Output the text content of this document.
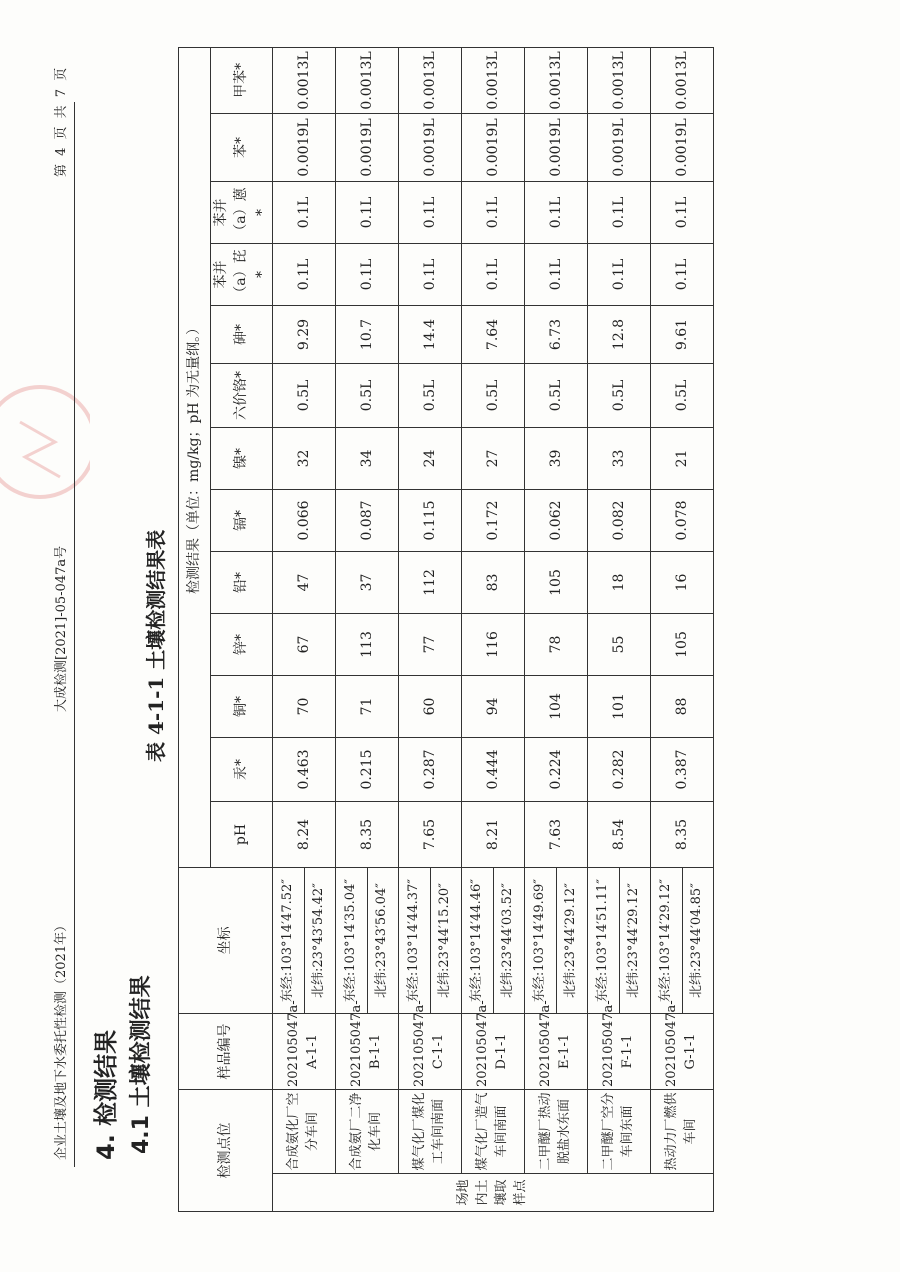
企业土壤及地下水委托性检测（2021年）
大成检测[2021]-05-047a号
第 4 页 共 7 页
4. 检测结果 4.1 土壤检测结果
表 4-1-1 土壤检测结果表
检测点位		样品编号	坐标	检测结果（单位：mg/kg；pH 为无量纲。）												
				pH	汞*	铜*	锌*	铅*	镉*	镍*	六价铬*	砷*	苯并（a）芘*	苯并（a）蒽*	苯*	甲苯*
场地内土壤取样点	合成氨化厂空分车间	202105047a-A-1-1	东经:103°14′47.52″	8.24	0.463	70	67	47	0.066	32	0.5L	9.29	0.1L	0.1L	0.0019L	0.0013L
			北纬:23°43′54.42″													
	合成氨厂二净化车间	202105047a-B-1-1	东经:103°14′35.04″	8.35	0.215	71	113	37	0.087	34	0.5L	10.7	0.1L	0.1L	0.0019L	0.0013L
			北纬:23°43′56.04″													
	煤气化厂煤化工车间南面	202105047a-C-1-1	东经:103°14′44.37″	7.65	0.287	60	77	112	0.115	24	0.5L	14.4	0.1L	0.1L	0.0019L	0.0013L
			北纬:23°44′15.20″													
	煤气化厂造气车间南面	202105047a-D-1-1	东经:103°14′44.46″	8.21	0.444	94	116	83	0.172	27	0.5L	7.64	0.1L	0.1L	0.0019L	0.0013L
			北纬:23°44′03.52″													
	二甲醚厂热动脱盐水东面	202105047a-E-1-1	东经:103°14′49.69″	7.63	0.224	104	78	105	0.062	39	0.5L	6.73	0.1L	0.1L	0.0019L	0.0013L
			北纬:23°44′29.12″													
	二甲醚厂空分车间东面	202105047a-F-1-1	东经:103°14′51.11″	8.54	0.282	101	55	18	0.082	33	0.5L	12.8	0.1L	0.1L	0.0019L	0.0013L
			北纬:23°44′29.12″													
	热动力厂燃供车间	202105047a-G-1-1	东经:103°14′29.12″	8.35	0.387	88	105	16	0.078	21	0.5L	9.61	0.1L	0.1L	0.0019L	0.0013L
			北纬:23°44′04.85″													
